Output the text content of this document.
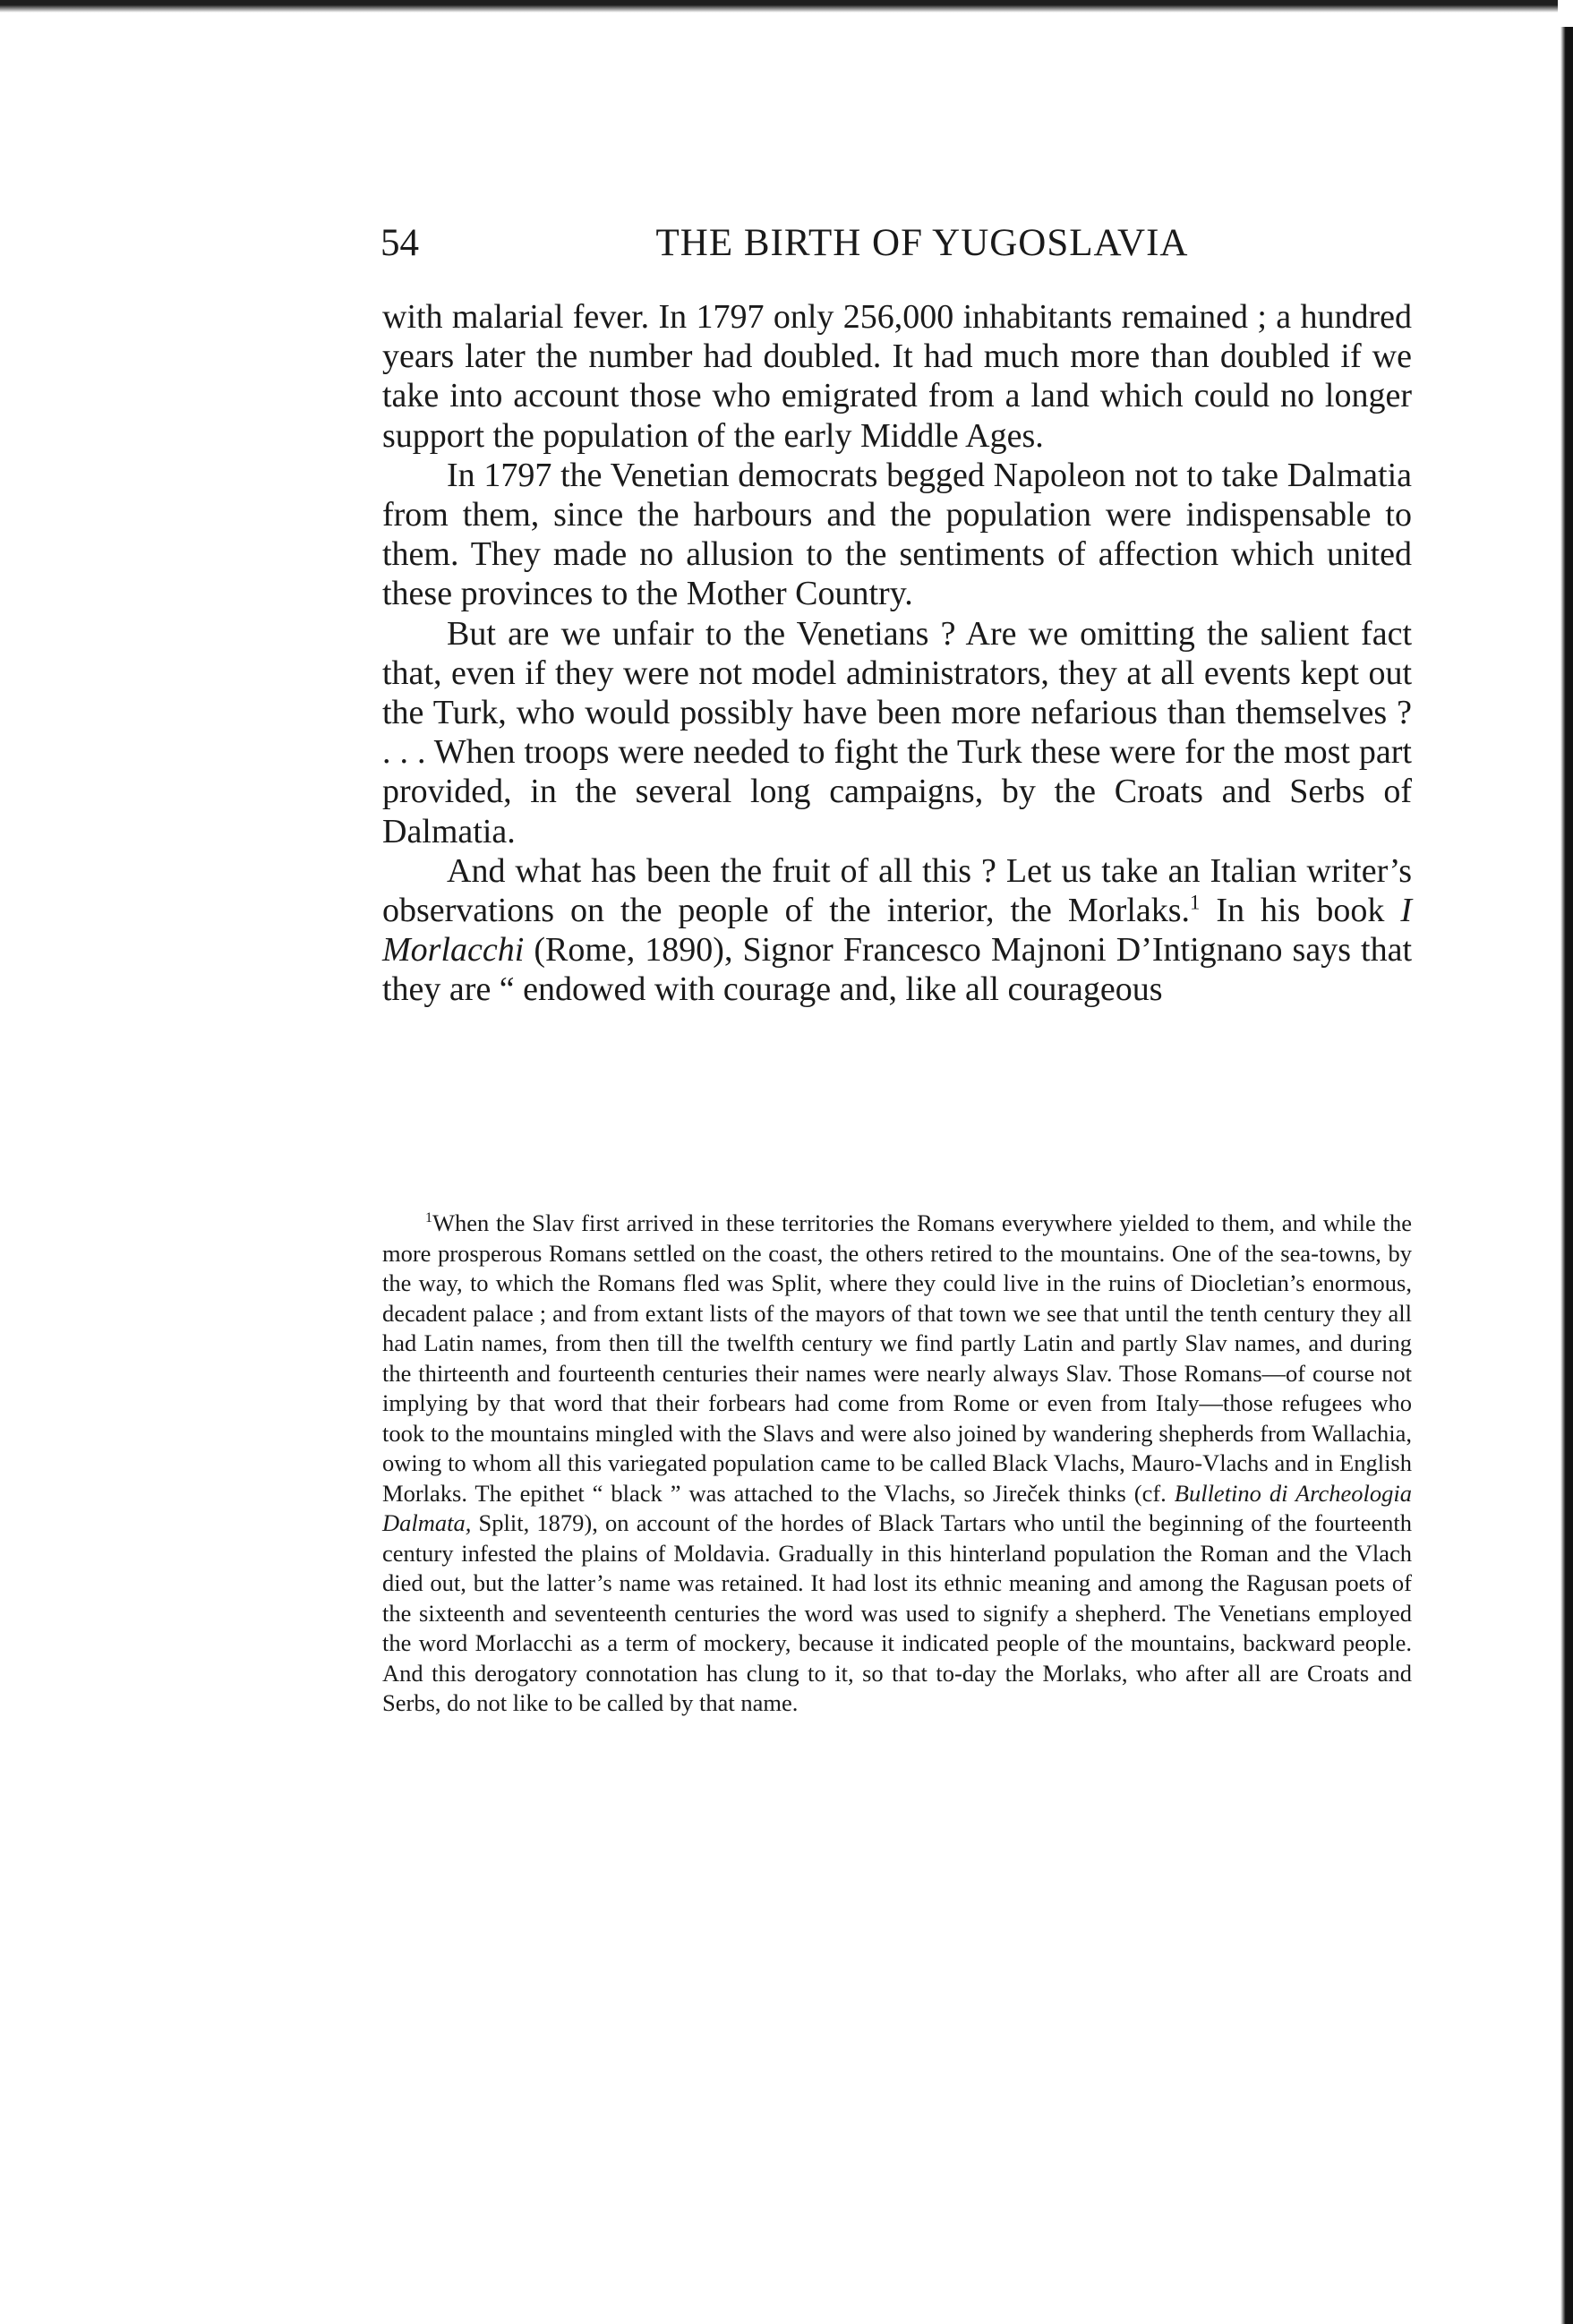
54	THE BIRTH OF YUGOSLAVIA

with malarial fever. In 1797 only 256,000 inhabitants remained ; a hundred years later the number had doubled. It had much more than doubled if we take into account those who emigrated from a land which could no longer support the population of the early Middle Ages.

In 1797 the Venetian democrats begged Napoleon not to take Dalmatia from them, since the harbours and the population were indispensable to them. They made no allusion to the sentiments of affection which united these provinces to the Mother Country.

But are we unfair to the Venetians ? Are we omitting the salient fact that, even if they were not model administrators, they at all events kept out the Turk, who would possibly have been more nefarious than themselves ? . . . When troops were needed to fight the Turk these were for the most part provided, in the several long campaigns, by the Croats and Serbs of Dalmatia.

And what has been the fruit of all this ? Let us take an Italian writer’s observations on the people of the interior, the Morlaks.$^1$ In his book I Morlacchi (Rome, 1890), Signor Francesco Majnoni D’Intignano says that they are “ endowed with courage and, like all courageous

$^1$When the Slav first arrived in these territories the Romans everywhere yielded to them, and while the more prosperous Romans settled on the coast, the others retired to the mountains. One of the sea-towns, by the way, to which the Romans fled was Split, where they could live in the ruins of Diocletian’s enormous, decadent palace ; and from extant lists of the mayors of that town we see that until the tenth century they all had Latin names, from then till the twelfth century we find partly Latin and partly Slav names, and during the thirteenth and fourteenth centuries their names were nearly always Slav. Those Romans—of course not implying by that word that their forbears had come from Rome or even from Italy—those refugees who took to the mountains mingled with the Slavs and were also joined by wandering shepherds from Wallachia, owing to whom all this variegated population came to be called Black Vlachs, Mauro-Vlachs and in English Morlaks. The epithet “ black ” was attached to the Vlachs, so Jireček thinks (cf. Bulletino di Archeologia Dalmata, Split, 1879), on account of the hordes of Black Tartars who until the beginning of the fourteenth century infested the plains of Moldavia. Gradually in this hinterland population the Roman and the Vlach died out, but the latter’s name was retained. It had lost its ethnic meaning and among the Ragusan poets of the sixteenth and seventeenth centuries the word was used to signify a shepherd. The Venetians employed the word Morlacchi as a term of mockery, because it indicated people of the mountains, backward people. And this derogatory connotation has clung to it, so that to-day the Morlaks, who after all are Croats and Serbs, do not like to be called by that name.
